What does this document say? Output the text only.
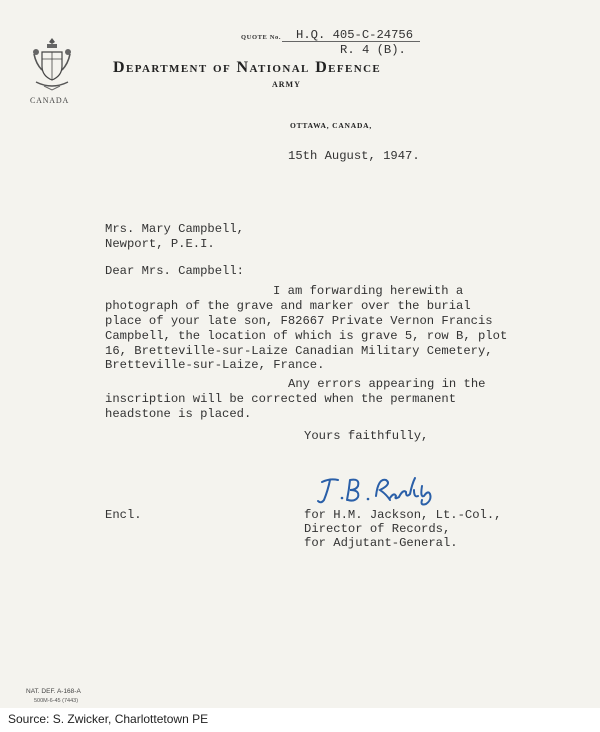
CANADA
QUOTE No. H.Q. 405-C-24756
R. 4 (B).
Department of National Defence
ARMY
OTTAWA, CANADA,
15th August, 1947.
Mrs. Mary Campbell,
Newport, P.E.I.
Dear Mrs. Campbell:
I am forwarding herewith a
photograph of the grave and marker over the burial
place of your late son, F82667 Private Vernon Francis
Campbell, the location of which is grave 5, row B, plot
16, Bretteville-sur-Laize Canadian Military Cemetery,
Bretteville-sur-Laize, France.
Any errors appearing in the
inscription will be corrected when the permanent
headstone is placed.
Yours faithfully,
Encl.	for H.M. Jackson, Lt.-Col.,
Director of Records,
for Adjutant-General.
NAT. DEF. A-168-A
500M-6-45 (7443)
Source: S. Zwicker, Charlottetown PE
